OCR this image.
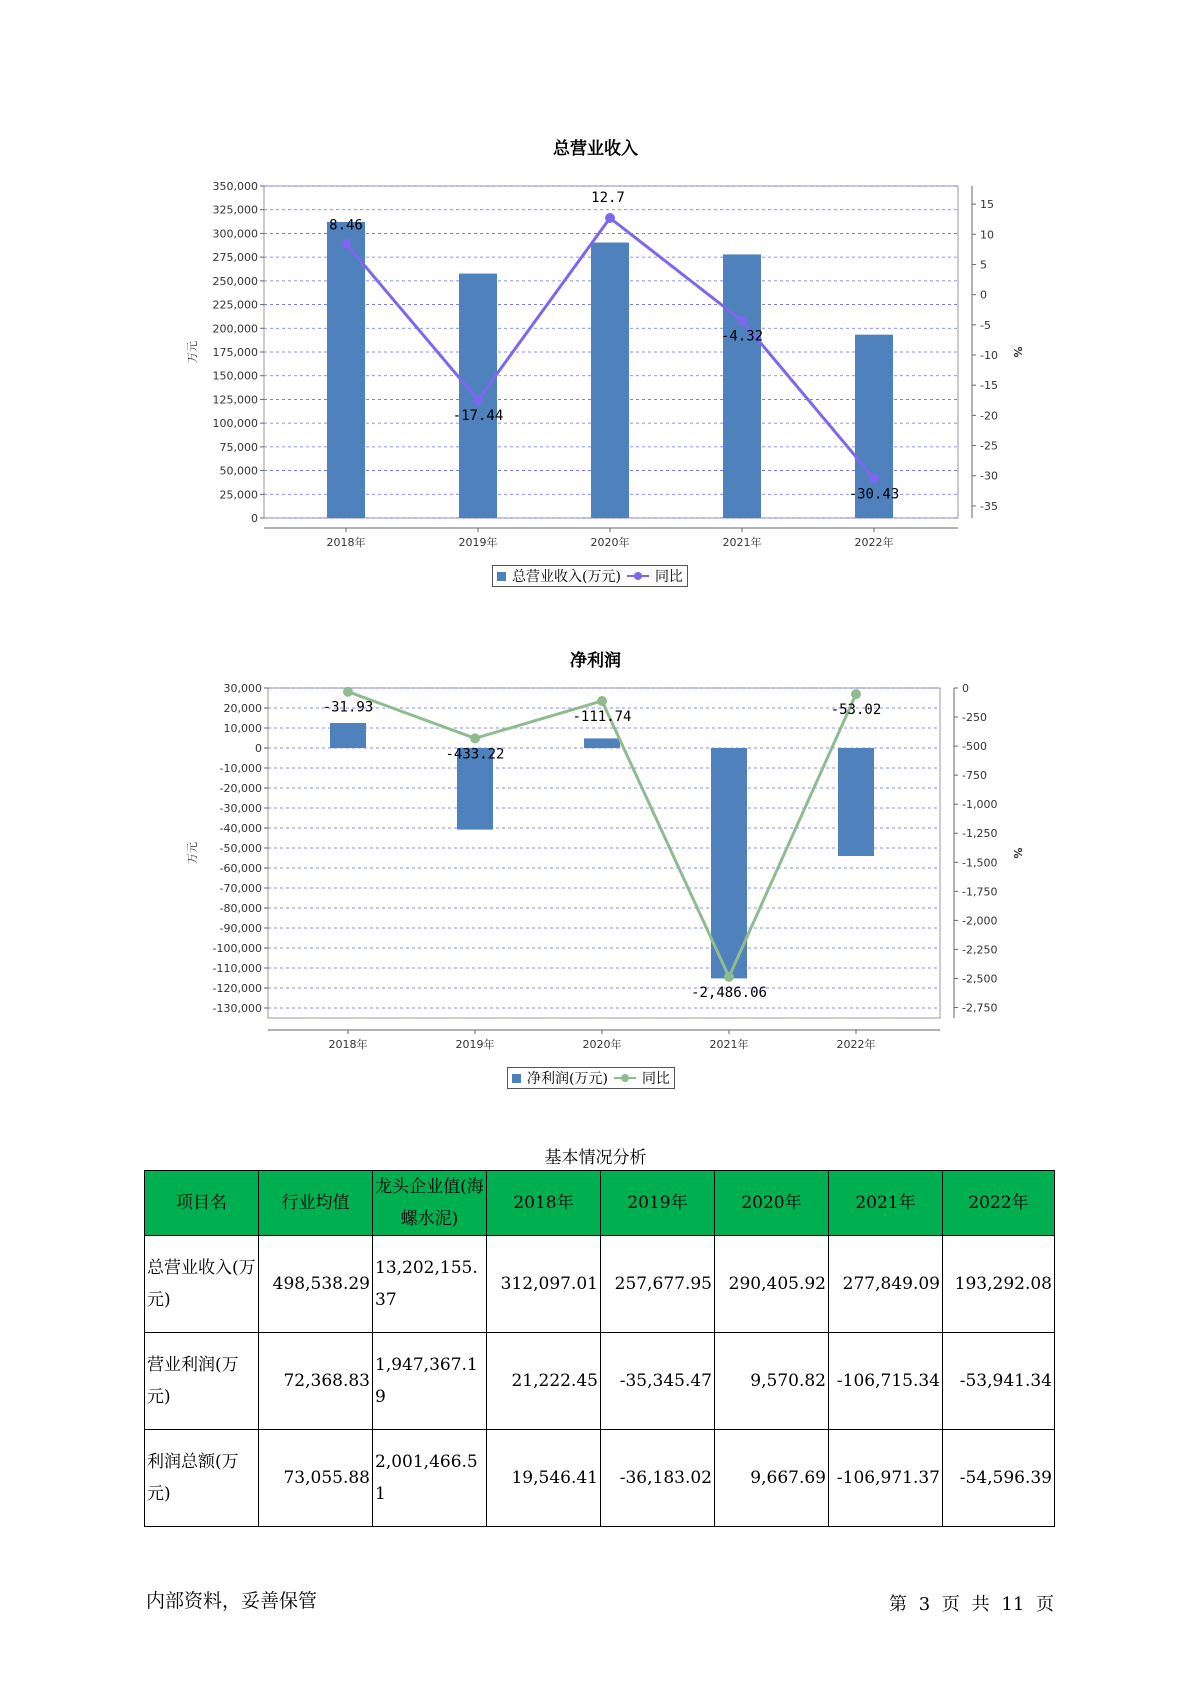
总营业收入
0
25,000
50,000
75,000
100,000
125,000
150,000
175,000
200,000
225,000
250,000
275,000
300,000
325,000
350,000
15
10
5
0
-5
-10
-15
-20
-25
-30
-35
2018年	2019年	2020年	2021年	2022年
万元	%
8.46
-17.44
12.7
-4.32
-30.43
总营业收入(万元) 同比
净利润
30,000
20,000
10,000
0
-10,000
-20,000
-30,000
-40,000
-50,000
-60,000
-70,000
-80,000
-90,000
-100,000
-110,000
-120,000
-130,000
0
-250
-500
-750
-1,000
-1,250
-1,500
-1,750
-2,000
-2,250
-2,500
-2,750
2018年	2019年	2020年	2021年	2022年
万元	%
-31.93
-433.22
-111.74
-2,486.06
-53.02
净利润(万元) 同比
基本情况分析
项目名	行业均值	龙头企业值(海螺水泥)	2018年	2019年	2020年	2021年	2022年
总营业收入(万元)	498,538.29	13,202,155.37	312,097.01	257,677.95	290,405.92	277,849.09	193,292.08
营业利润(万元)	72,368.83	1,947,367.19	21,222.45	-35,345.47	9,570.82	-106,715.34	-53,941.34
利润总额(万元)	73,055.88	2,001,466.51	19,546.41	-36,183.02	9,667.69	-106,971.37	-54,596.39
内部资料，妥善保管	第 3 页 共 11 页
